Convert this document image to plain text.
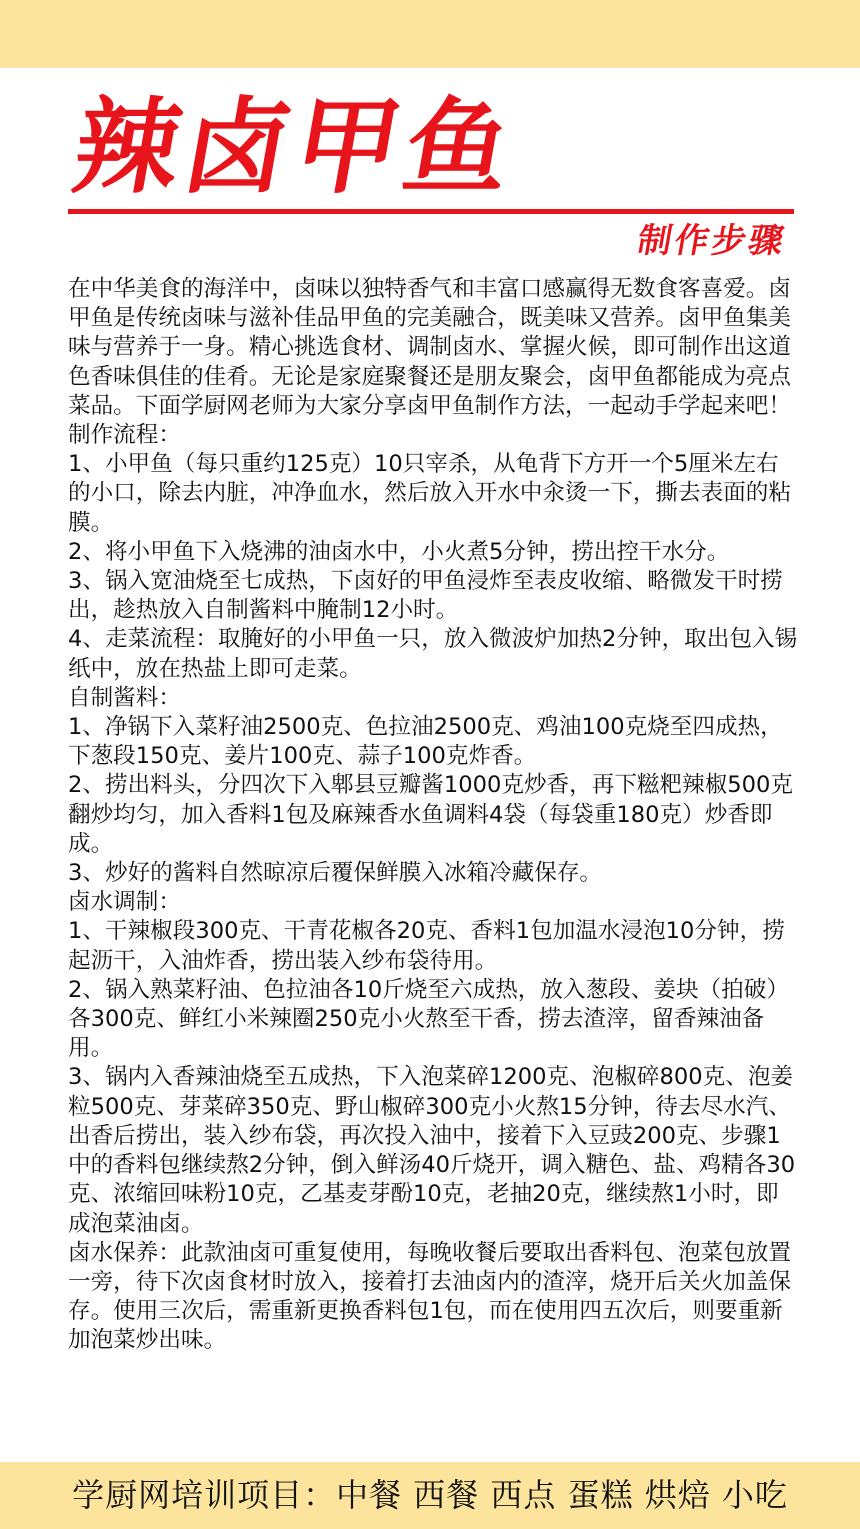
辣卤甲鱼
制作步骤

在中华美食的海洋中，卤味以独特香气和丰富口感赢得无数食客喜爱。卤甲鱼是传统卤味与滋补佳品甲鱼的完美融合，既美味又营养。卤甲鱼集美味与营养于一身。精心挑选食材、调制卤水、掌握火候，即可制作出这道色香味俱佳的佳肴。无论是家庭聚餐还是朋友聚会，卤甲鱼都能成为亮点菜品。下面学厨网老师为大家分享卤甲鱼制作方法，一起动手学起来吧！

制作流程：

1、小甲鱼（每只重约125克）10只宰杀，从龟背下方开一个5厘米左右的小口，除去内脏，冲净血水，然后放入开水中汆烫一下，撕去表面的粘膜。

2、将小甲鱼下入烧沸的油卤水中，小火煮5分钟，捞出控干水分。

3、锅入宽油烧至七成热，下卤好的甲鱼浸炸至表皮收缩、略微发干时捞出，趁热放入自制酱料中腌制12小时。

4、走菜流程：取腌好的小甲鱼一只，放入微波炉加热2分钟，取出包入锡纸中，放在热盐上即可走菜。

自制酱料：

1、净锅下入菜籽油2500克、色拉油2500克、鸡油100克烧至四成热，下葱段150克、姜片100克、蒜子100克炸香。

2、捞出料头，分四次下入郫县豆瓣酱1000克炒香，再下糍粑辣椒500克翻炒均匀，加入香料1包及麻辣香水鱼调料4袋（每袋重180克）炒香即成。

3、炒好的酱料自然晾凉后覆保鲜膜入冰箱冷藏保存。

卤水调制：

1、干辣椒段300克、干青花椒各20克、香料1包加温水浸泡10分钟，捞起沥干，入油炸香，捞出装入纱布袋待用。

2、锅入熟菜籽油、色拉油各10斤烧至六成热，放入葱段、姜块（拍破）各300克、鲜红小米辣圈250克小火熬至干香，捞去渣滓，留香辣油备用。

3、锅内入香辣油烧至五成热，下入泡菜碎1200克、泡椒碎800克、泡姜粒500克、芽菜碎350克、野山椒碎300克小火熬15分钟，待去尽水汽、出香后捞出，装入纱布袋，再次投入油中，接着下入豆豉200克、步骤1中的香料包继续熬2分钟，倒入鲜汤40斤烧开，调入糖色、盐、鸡精各30克、浓缩回味粉10克，乙基麦芽酚10克，老抽20克，继续熬1小时，即成泡菜油卤。

卤水保养：此款油卤可重复使用，每晚收餐后要取出香料包、泡菜包放置一旁，待下次卤食材时放入，接着打去油卤内的渣滓，烧开后关火加盖保存。使用三次后，需重新更换香料包1包，而在使用四五次后，则要重新加泡菜炒出味。

学厨网培训项目：中餐 西餐 西点 蛋糕 烘焙 小吃
